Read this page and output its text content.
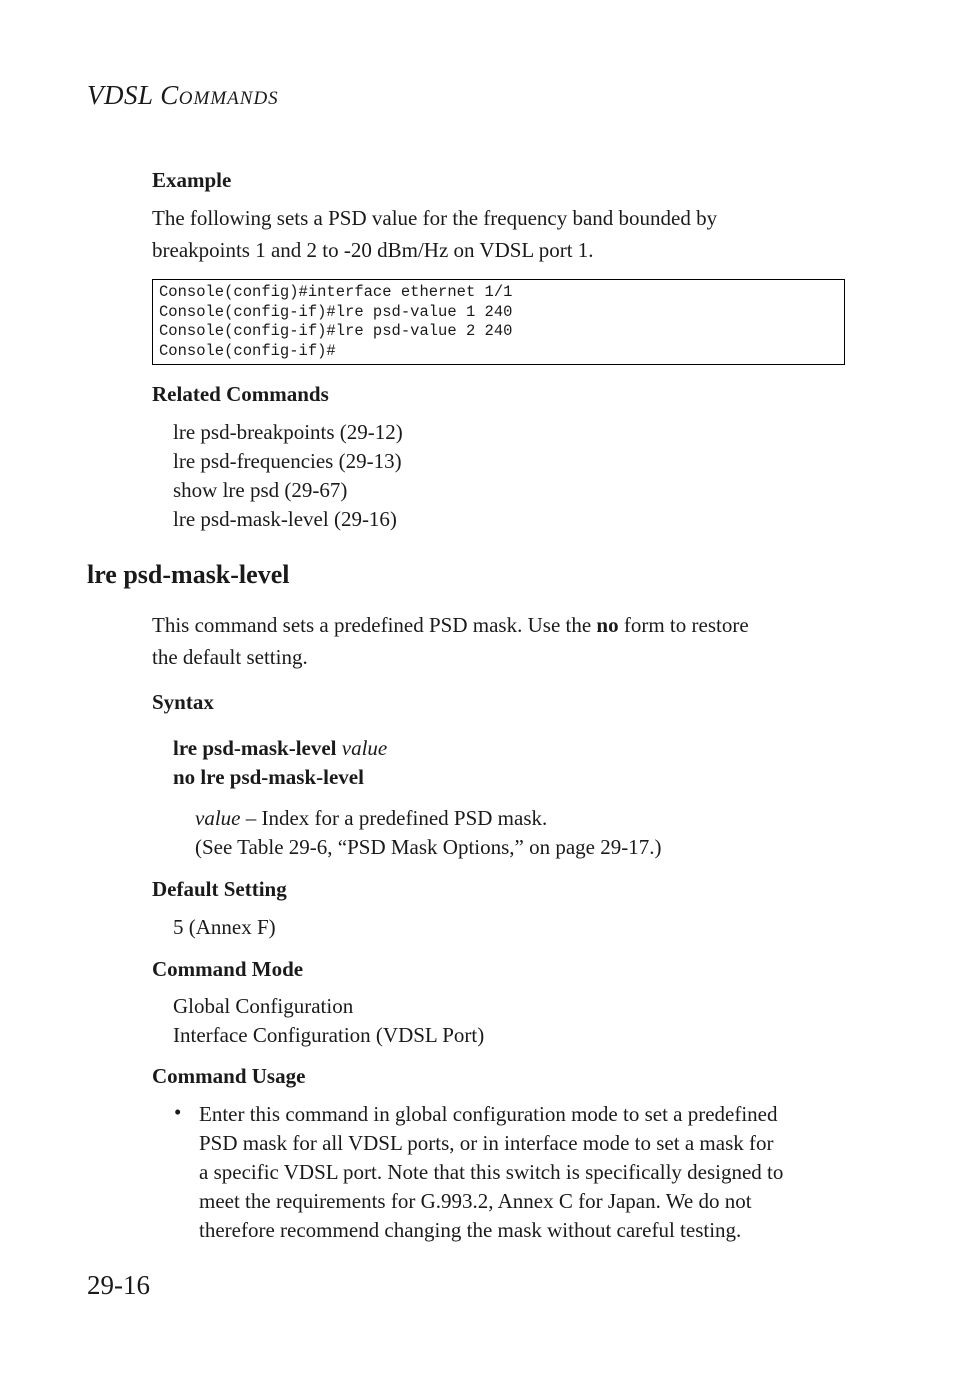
VDSL COMMANDS
Example
The following sets a PSD value for the frequency band bounded by
breakpoints 1 and 2 to -20 dBm/Hz on VDSL port 1.
Console(config)#interface ethernet 1/1
Console(config-if)#lre psd-value 1 240
Console(config-if)#lre psd-value 2 240
Console(config-if)#
Related Commands
lre psd-breakpoints (29-12)
lre psd-frequencies (29-13)
show lre psd (29-67)
lre psd-mask-level (29-16)
lre psd-mask-level
This command sets a predefined PSD mask. Use the no form to restore
the default setting.
Syntax
lre psd-mask-level value
no lre psd-mask-level
value – Index for a predefined PSD mask.
(See Table 29-6, “PSD Mask Options,” on page 29-17.)
Default Setting
5 (Annex F)
Command Mode
Global Configuration
Interface Configuration (VDSL Port)
Command Usage
• Enter this command in global configuration mode to set a predefined
PSD mask for all VDSL ports, or in interface mode to set a mask for
a specific VDSL port. Note that this switch is specifically designed to
meet the requirements for G.993.2, Annex C for Japan. We do not
therefore recommend changing the mask without careful testing.
29-16
